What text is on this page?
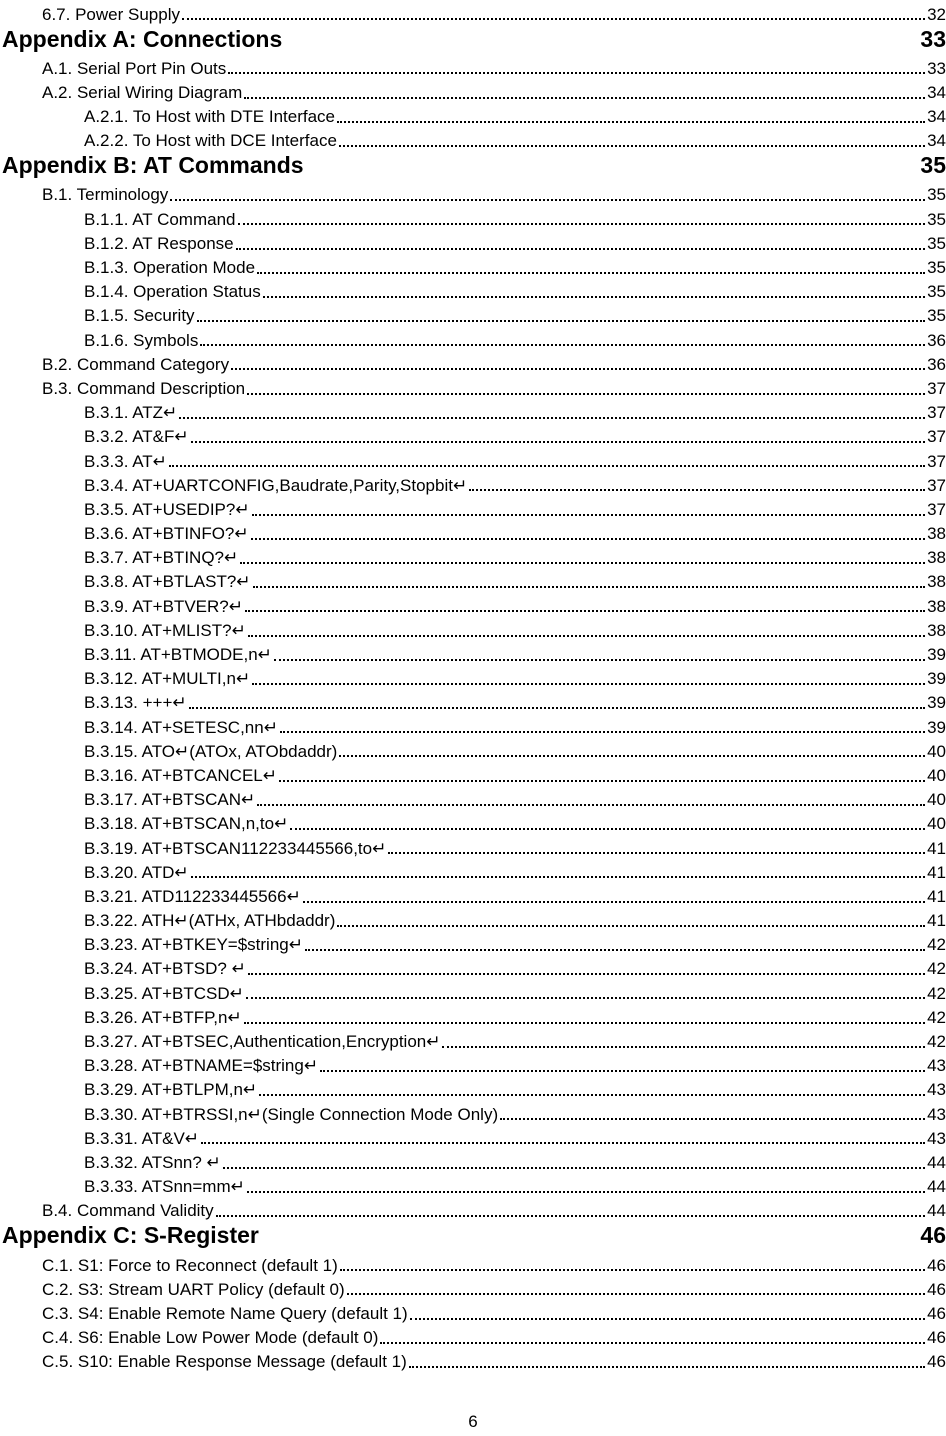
6.7. Power Supply	32
Appendix A: Connections	33
A.1. Serial Port Pin Outs	33
A.2. Serial Wiring Diagram	34
A.2.1. To Host with DTE Interface	34
A.2.2. To Host with DCE Interface	34
Appendix B: AT Commands	35
B.1. Terminology	35
B.1.1. AT Command	35
B.1.2. AT Response	35
B.1.3. Operation Mode	35
B.1.4. Operation Status	35
B.1.5. Security	35
B.1.6. Symbols	36
B.2. Command Category	36
B.3. Command Description	37
B.3.1. ATZ↵	37
B.3.2. AT&F↵	37
B.3.3. AT↵	37
B.3.4. AT+UARTCONFIG,Baudrate,Parity,Stopbit↵	37
B.3.5. AT+USEDIP?↵	37
B.3.6. AT+BTINFO?↵	38
B.3.7. AT+BTINQ?↵	38
B.3.8. AT+BTLAST?↵	38
B.3.9. AT+BTVER?↵	38
B.3.10. AT+MLIST?↵	38
B.3.11. AT+BTMODE,n↵	39
B.3.12. AT+MULTI,n↵	39
B.3.13. +++↵	39
B.3.14. AT+SETESC,nn↵	39
B.3.15. ATO↵(ATOx, ATObdaddr)	40
B.3.16. AT+BTCANCEL↵	40
B.3.17. AT+BTSCAN↵	40
B.3.18. AT+BTSCAN,n,to↵	40
B.3.19. AT+BTSCAN112233445566,to↵	41
B.3.20. ATD↵	41
B.3.21. ATD112233445566↵	41
B.3.22. ATH↵(ATHx, ATHbdaddr)	41
B.3.23. AT+BTKEY=$string↵	42
B.3.24. AT+BTSD? ↵	42
B.3.25. AT+BTCSD↵	42
B.3.26. AT+BTFP,n↵	42
B.3.27. AT+BTSEC,Authentication,Encryption↵	42
B.3.28. AT+BTNAME=$string↵	43
B.3.29. AT+BTLPM,n↵	43
B.3.30. AT+BTRSSI,n↵(Single Connection Mode Only)	43
B.3.31. AT&V↵	43
B.3.32. ATSnn? ↵	44
B.3.33. ATSnn=mm↵	44
B.4. Command Validity	44
Appendix C: S-Register	46
C.1. S1: Force to Reconnect (default 1)	46
C.2. S3: Stream UART Policy (default 0)	46
C.3. S4: Enable Remote Name Query (default 1)	46
C.4. S6: Enable Low Power Mode (default 0)	46
C.5. S10: Enable Response Message (default 1)	46
6
